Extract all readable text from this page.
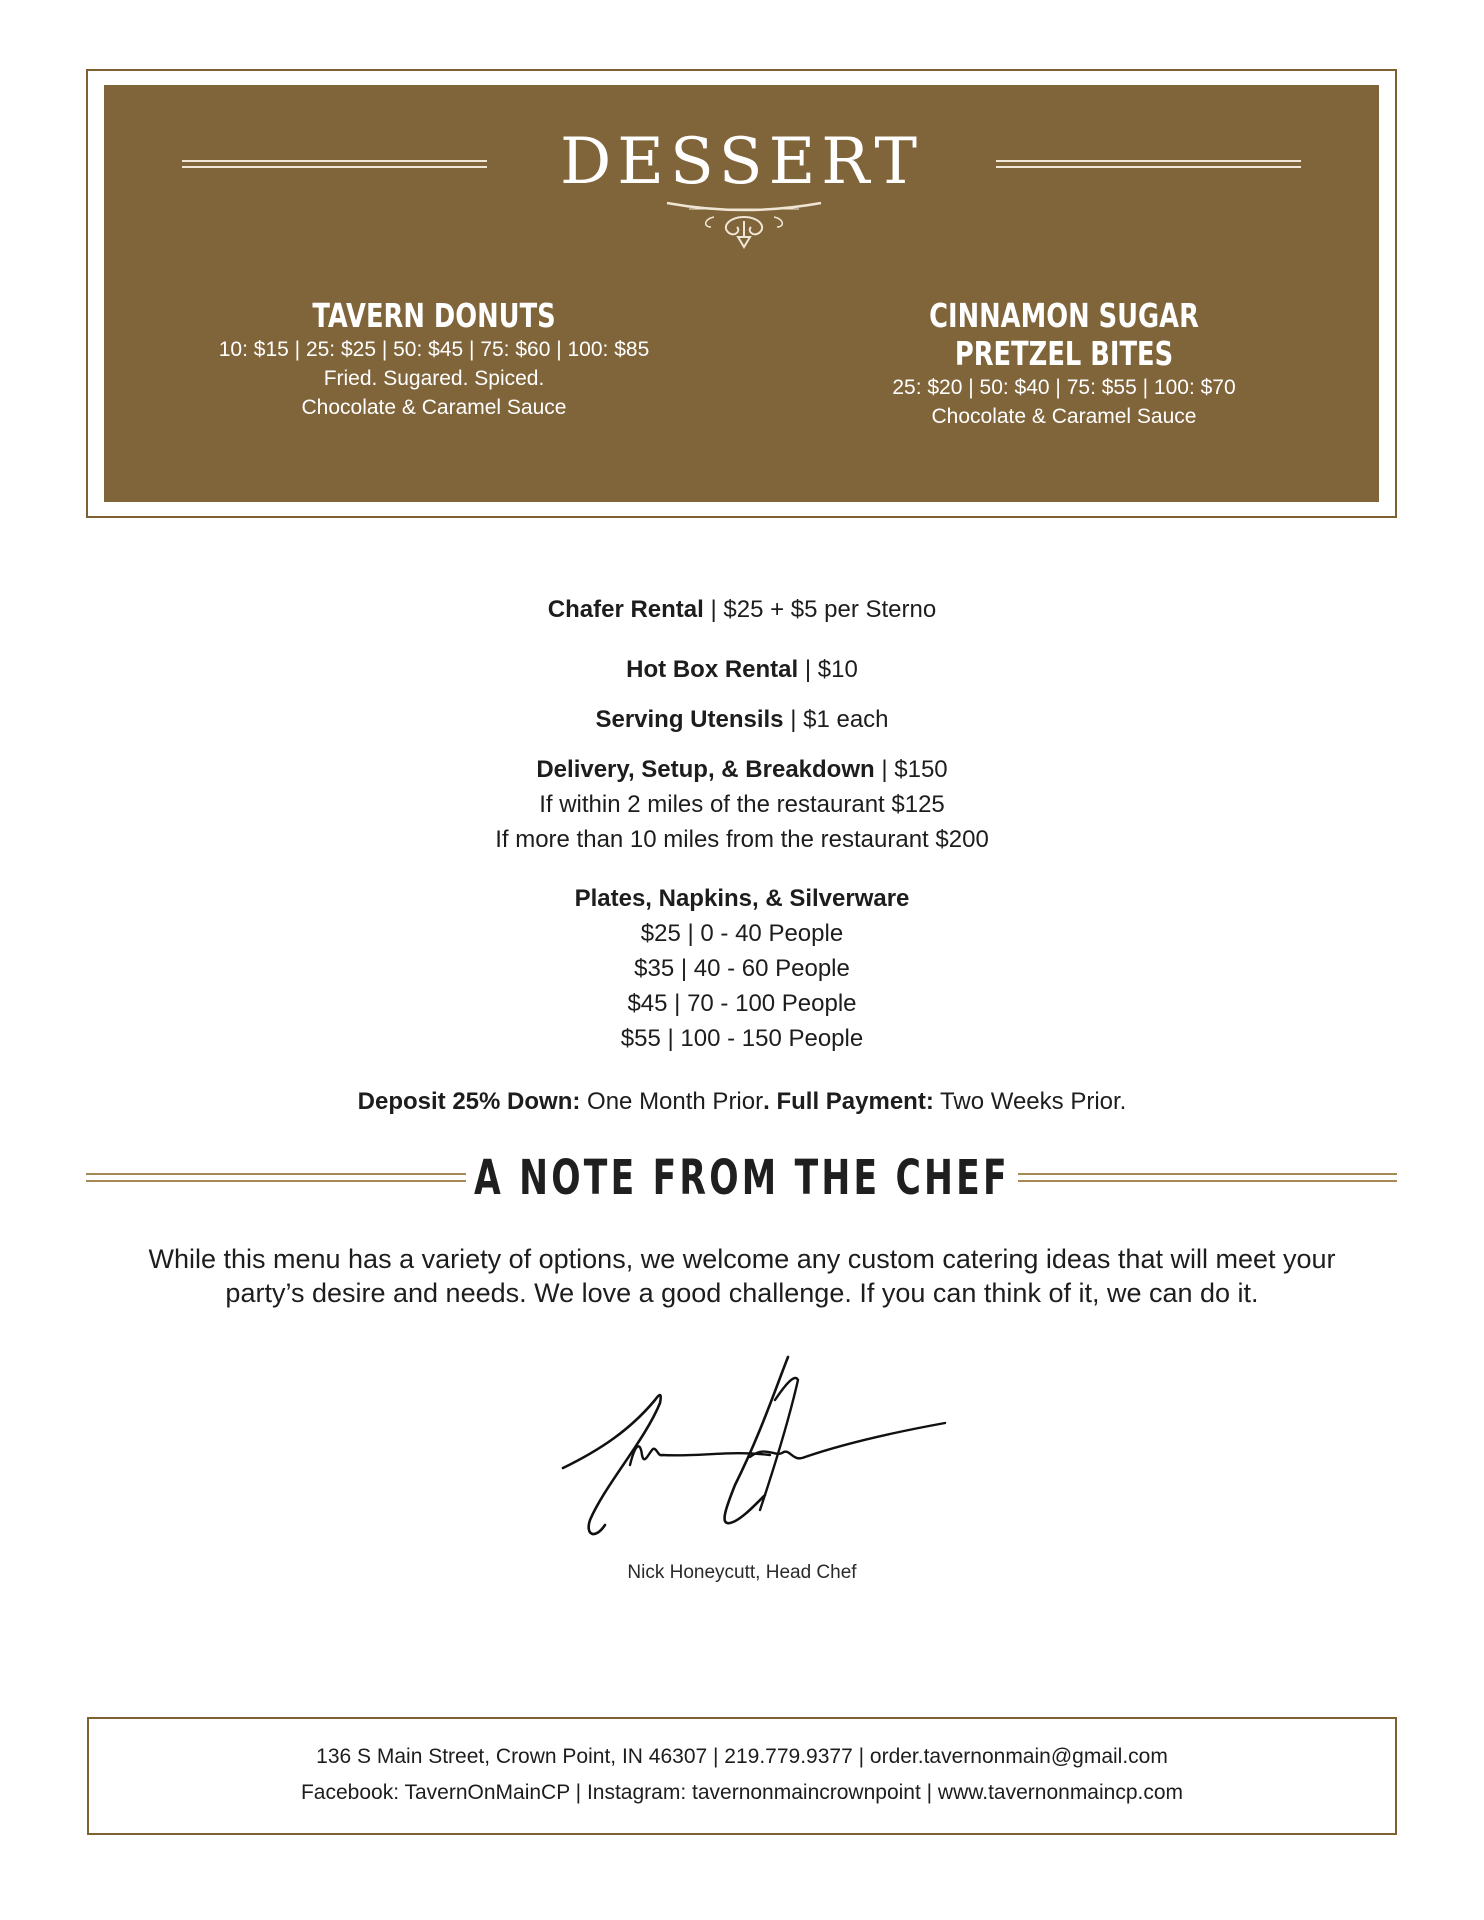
DESSERT
TAVERN DONUTS
10: $15 | 25: $25 | 50: $45 | 75: $60 | 100: $85
Fried. Sugared. Spiced.
Chocolate & Caramel Sauce
CINNAMON SUGAR
PRETZEL BITES
25: $20 | 50: $40 | 75: $55 | 100: $70
Chocolate & Caramel Sauce
Chafer Rental | $25 + $5 per Sterno
Hot Box Rental | $10
Serving Utensils | $1 each
Delivery, Setup, & Breakdown | $150
If within 2 miles of the restaurant $125
If more than 10 miles from the restaurant $200
Plates, Napkins, & Silverware
$25 | 0 - 40 People
$35 | 40 - 60 People
$45 | 70 - 100 People
$55 | 100 - 150 People
Deposit 25% Down: One Month Prior. Full Payment: Two Weeks Prior.
A NOTE FROM THE CHEF
While this menu has a variety of options, we welcome any custom catering ideas that will meet your party’s desire and needs. We love a good challenge. If you can think of it, we can do it.
Nick Honeycutt, Head Chef
136 S Main Street, Crown Point, IN 46307 | 219.779.9377 | order.tavernonmain@gmail.com
Facebook: TavernOnMainCP | Instagram: tavernonmaincrownpoint | www.tavernonmaincp.com
